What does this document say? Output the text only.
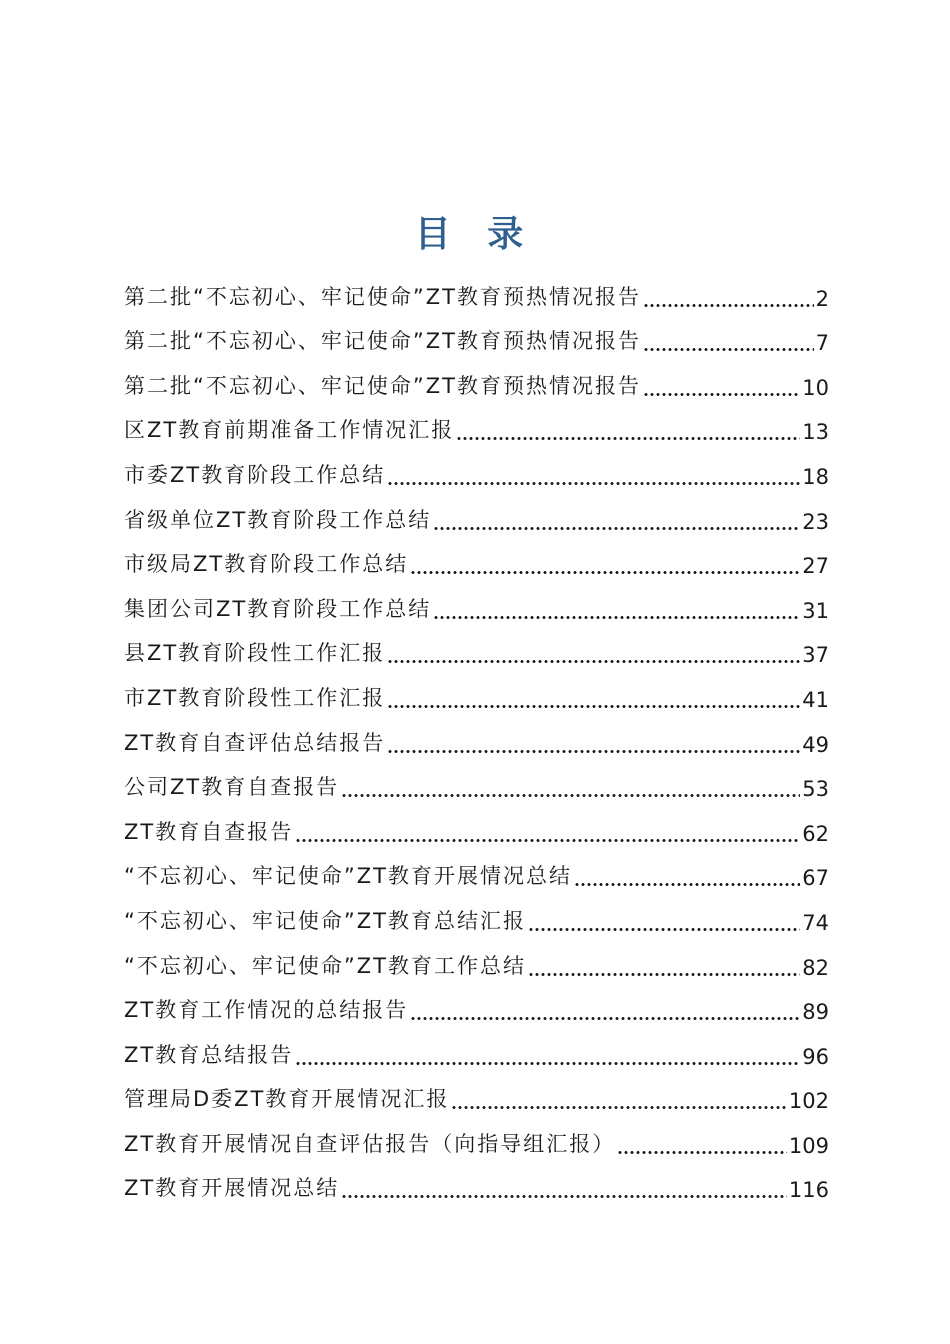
目 录
第二批“不忘初心、牢记使命”ZT教育预热情况报告	2
第二批“不忘初心、牢记使命”ZT教育预热情况报告	7
第二批“不忘初心、牢记使命”ZT教育预热情况报告	10
区ZT教育前期准备工作情况汇报	13
市委ZT教育阶段工作总结	18
省级单位ZT教育阶段工作总结	23
市级局ZT教育阶段工作总结	27
集团公司ZT教育阶段工作总结	31
县ZT教育阶段性工作汇报	37
市ZT教育阶段性工作汇报	41
ZT教育自查评估总结报告	49
公司ZT教育自查报告	53
ZT教育自查报告	62
“不忘初心、牢记使命”ZT教育开展情况总结	67
“不忘初心、牢记使命”ZT教育总结汇报	74
“不忘初心、牢记使命”ZT教育工作总结	82
ZT教育工作情况的总结报告	89
ZT教育总结报告	96
管理局D委ZT教育开展情况汇报	102
ZT教育开展情况自查评估报告（向指导组汇报）	109
ZT教育开展情况总结	116
